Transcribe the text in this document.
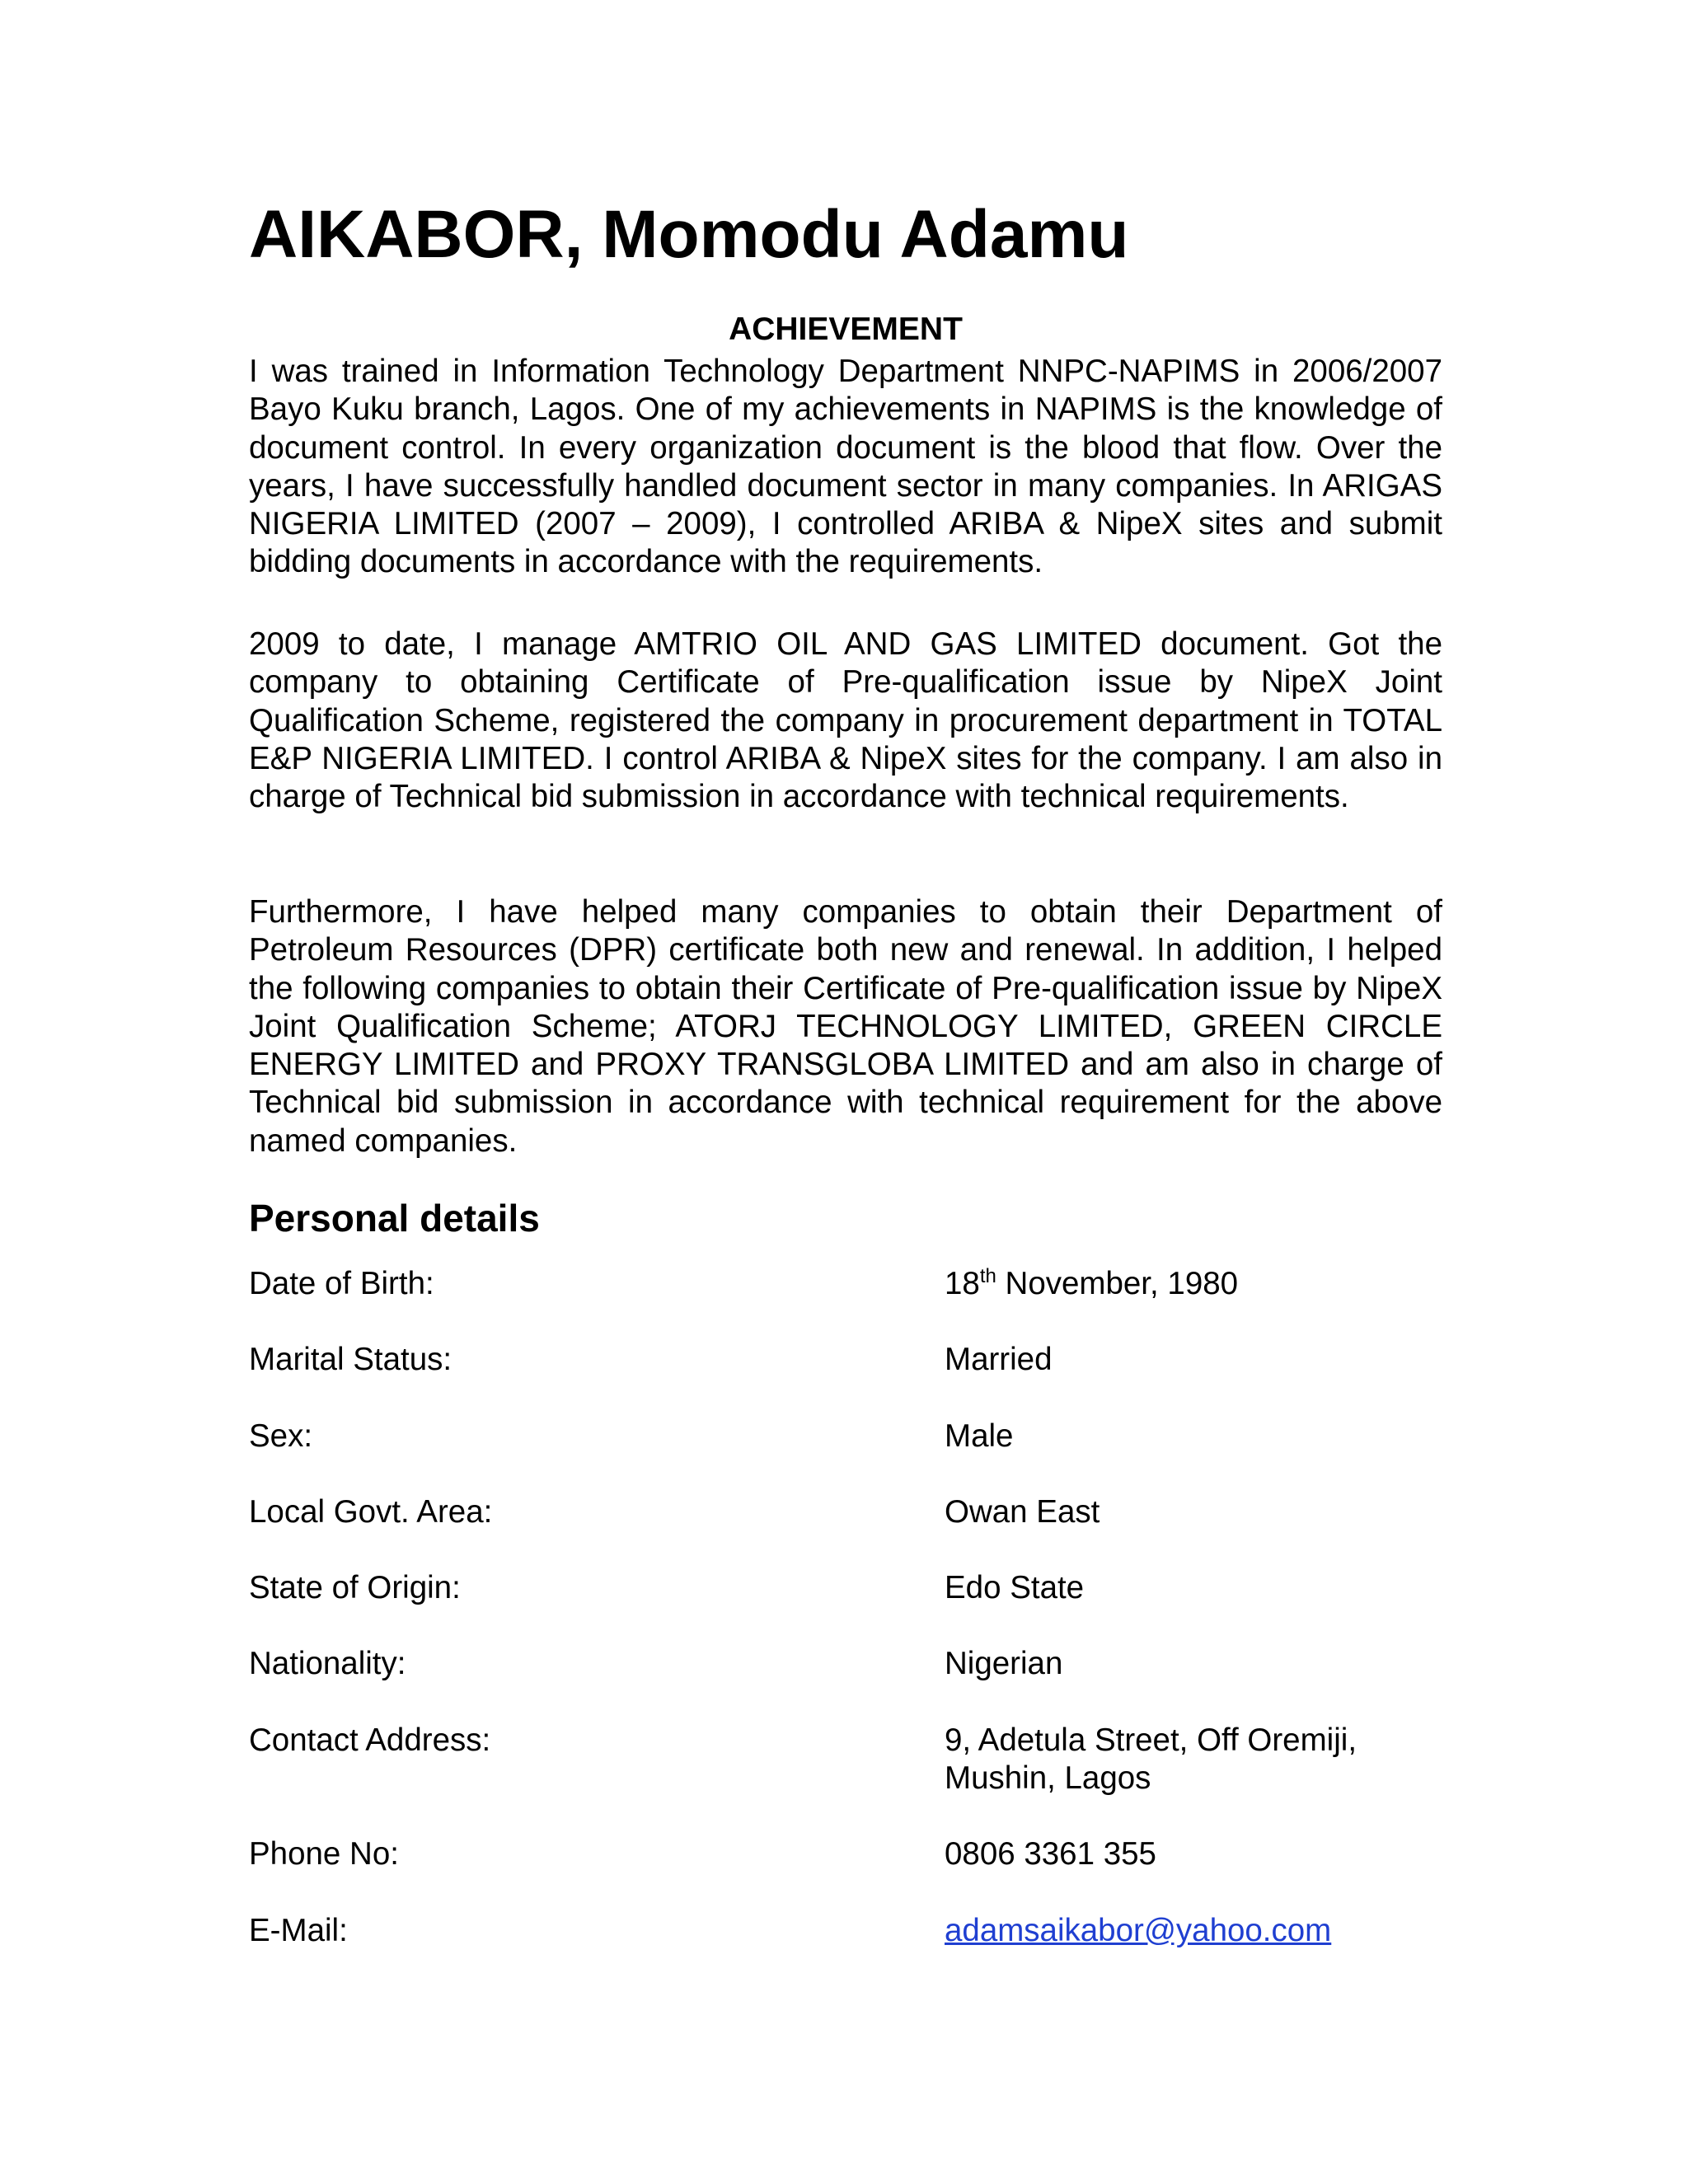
AIKABOR, Momodu Adamu
ACHIEVEMENT

I was trained in Information Technology Department NNPC-NAPIMS in 2006/2007 Bayo Kuku branch, Lagos. One of my achievements in NAPIMS is the knowledge of document control. In every organization document is the blood that flow. Over the years, I have successfully handled document sector in many companies. In ARIGAS NIGERIA LIMITED (2007 – 2009), I controlled ARIBA & NipeX sites and submit bidding documents in accordance with the requirements.

2009 to date, I manage AMTRIO OIL AND GAS LIMITED document. Got the company to obtaining Certificate of Pre-qualification issue by NipeX Joint Qualification Scheme, registered the company in procurement department in TOTAL E&P NIGERIA LIMITED. I control ARIBA & NipeX sites for the company. I am also in charge of Technical bid submission in accordance with technical requirements.

Furthermore, I have helped many companies to obtain their Department of Petroleum Resources (DPR) certificate both new and renewal. In addition, I helped the following companies to obtain their Certificate of Pre-qualification issue by NipeX Joint Qualification Scheme; ATORJ TECHNOLOGY LIMITED, GREEN CIRCLE ENERGY LIMITED and PROXY TRANSGLOBA LIMITED and am also in charge of Technical bid submission in accordance with technical requirement for the above named companies.

Personal details
Date of Birth:	18th November, 1980
Marital Status:	Married
Sex:	Male
Local Govt. Area:	Owan East
State of Origin:	Edo State
Nationality:	Nigerian
Contact Address:	9, Adetula Street, Off Oremiji,
Mushin, Lagos
Phone No:	0806 3361 355
E-Mail:	adamsaikabor@yahoo.com
